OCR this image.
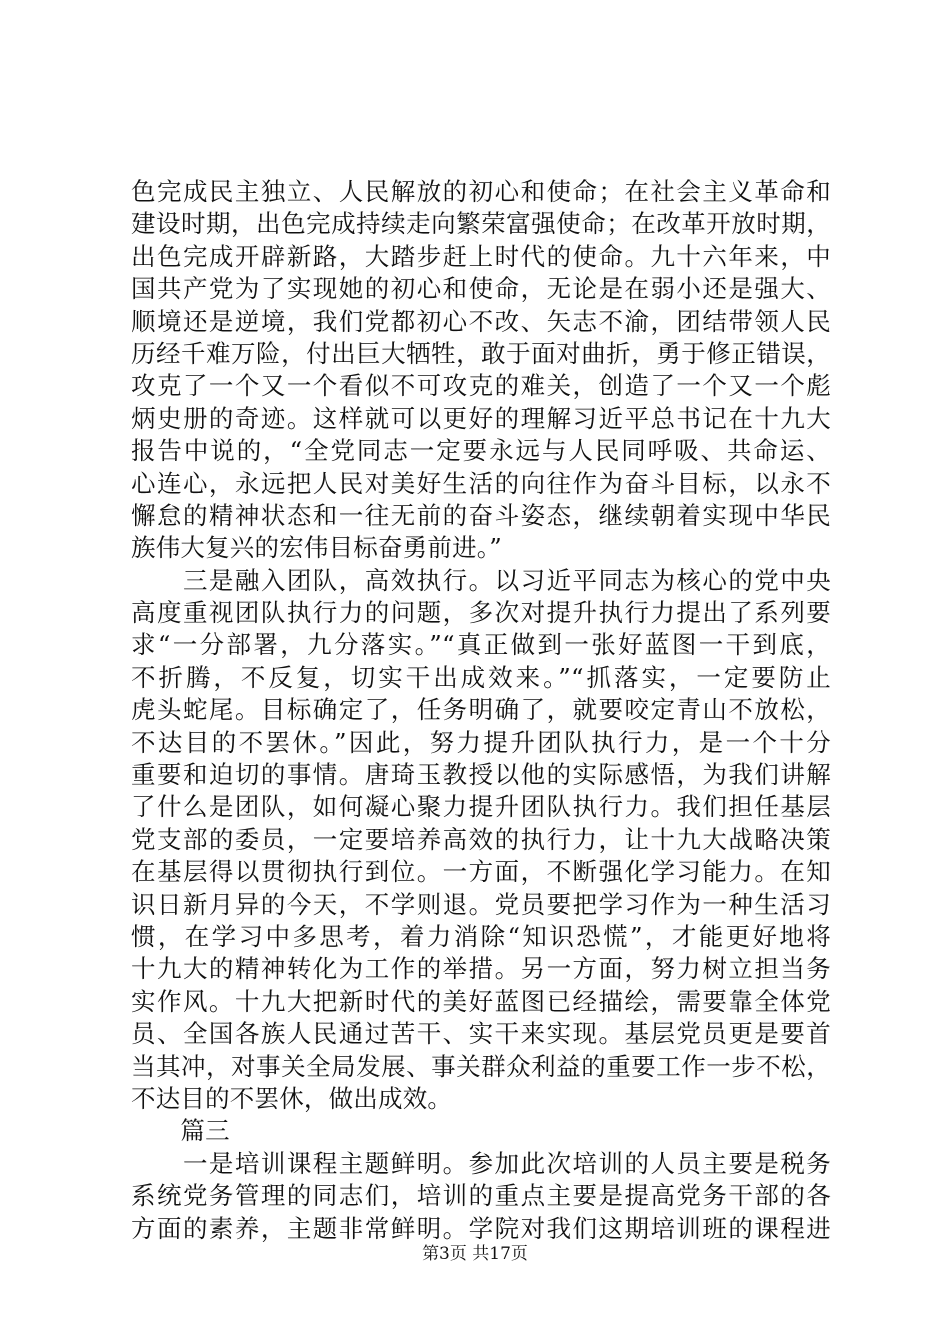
色完成民主独立、人民解放的初心和使命；在社会主义革命和
建设时期，出色完成持续走向繁荣富强使命；在改革开放时期，
出色完成开辟新路，大踏步赶上时代的使命。九十六年来，中
国共产党为了实现她的初心和使命，无论是在弱小还是强大、
顺境还是逆境，我们党都初心不改、矢志不渝，团结带领人民
历经千难万险，付出巨大牺牲，敢于面对曲折，勇于修正错误，
攻克了一个又一个看似不可攻克的难关，创造了一个又一个彪
炳史册的奇迹。这样就可以更好的理解习近平总书记在十九大
报告中说的，“全党同志一定要永远与人民同呼吸、共命运、
心连心，永远把人民对美好生活的向往作为奋斗目标，以永不
懈怠的精神状态和一往无前的奋斗姿态，继续朝着实现中华民
族伟大复兴的宏伟目标奋勇前进。”
　　三是融入团队，高效执行。以习近平同志为核心的党中央
高度重视团队执行力的问题，多次对提升执行力提出了系列要
求“一分部署，九分落实。”“真正做到一张好蓝图一干到底，
不折腾，不反复，切实干出成效来。”“抓落实，一定要防止
虎头蛇尾。目标确定了，任务明确了，就要咬定青山不放松，
不达目的不罢休。”因此，努力提升团队执行力，是一个十分
重要和迫切的事情。唐琦玉教授以他的实际感悟，为我们讲解
了什么是团队，如何凝心聚力提升团队执行力。我们担任基层
党支部的委员，一定要培养高效的执行力，让十九大战略决策
在基层得以贯彻执行到位。一方面，不断强化学习能力。在知
识日新月异的今天，不学则退。党员要把学习作为一种生活习
惯，在学习中多思考，着力消除“知识恐慌”，才能更好地将
十九大的精神转化为工作的举措。另一方面，努力树立担当务
实作风。十九大把新时代的美好蓝图已经描绘，需要靠全体党
员、全国各族人民通过苦干、实干来实现。基层党员更是要首
当其冲，对事关全局发展、事关群众利益的重要工作一步不松，
不达目的不罢休，做出成效。
　　篇三
　　一是培训课程主题鲜明。参加此次培训的人员主要是税务
系统党务管理的同志们，培训的重点主要是提高党务干部的各
方面的素养，主题非常鲜明。学院对我们这期培训班的课程进
第3页 共17页
